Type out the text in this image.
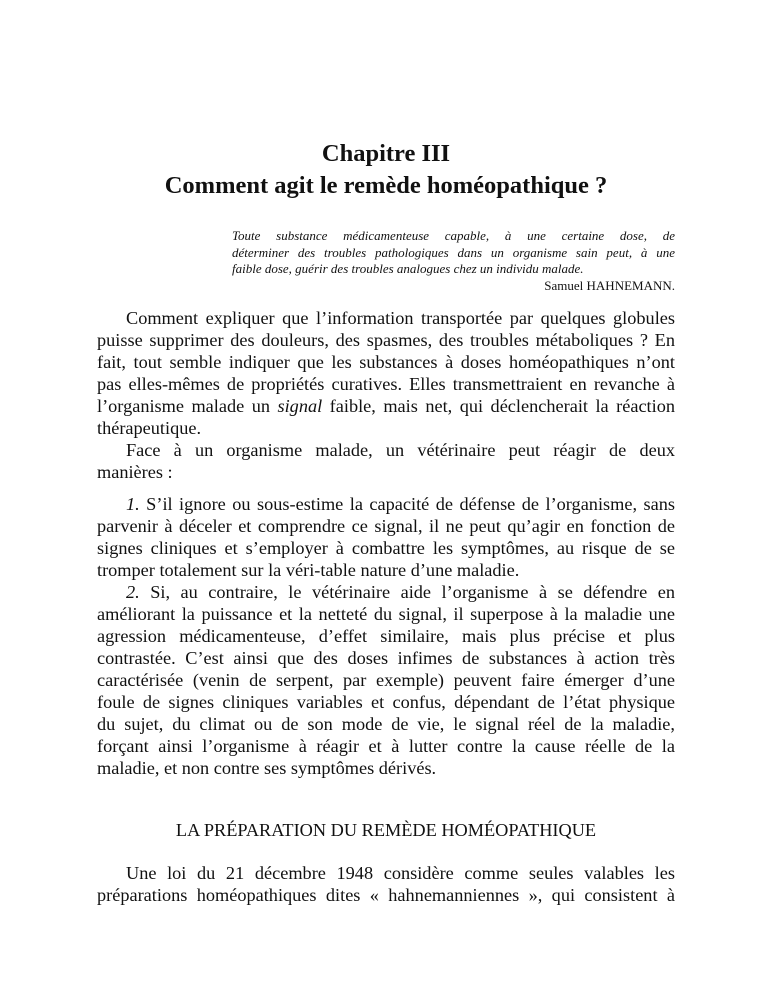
Chapitre III
Comment agit le remède homéopathique ?
Toute substance médicamenteuse capable, à une certaine dose, de
déterminer des troubles pathologiques dans un organisme sain peut, à une
faible dose, guérir des troubles analogues chez un individu malade.
Samuel HAHNEMANN.
Comment expliquer que l’information transportée par quelques globules
puisse supprimer des douleurs, des spasmes, des troubles métaboliques ? En
fait, tout semble indiquer que les substances à doses homéopathiques n’ont
pas elles-mêmes de propriétés curatives. Elles transmettraient en revanche à
l’organisme malade un signal faible, mais net, qui déclencherait la réaction
thérapeutique.
Face à un organisme malade, un vétérinaire peut réagir de deux
manières :
1. S’il ignore ou sous-estime la capacité de défense de l’organisme, sans
parvenir à déceler et comprendre ce signal, il ne peut qu’agir en fonction de
signes cliniques et s’employer à combattre les symptômes, au risque de se
tromper totalement sur la véri-table nature d’une maladie.
2. Si, au contraire, le vétérinaire aide l’organisme à se défendre en
améliorant la puissance et la netteté du signal, il superpose à la maladie une
agression médicamenteuse, d’effet similaire, mais plus précise et plus
contrastée. C’est ainsi que des doses infimes de substances à action très
caractérisée (venin de serpent, par exemple) peuvent faire émerger d’une
foule de signes cliniques variables et confus, dépendant de l’état physique
du sujet, du climat ou de son mode de vie, le signal réel de la maladie,
forçant ainsi l’organisme à réagir et à lutter contre la cause réelle de la
maladie, et non contre ses symptômes dérivés.
LA PRÉPARATION DU REMÈDE HOMÉOPATHIQUE
Une loi du 21 décembre 1948 considère comme seules valables les
préparations homéopathiques dites « hahnemanniennes », qui consistent à
